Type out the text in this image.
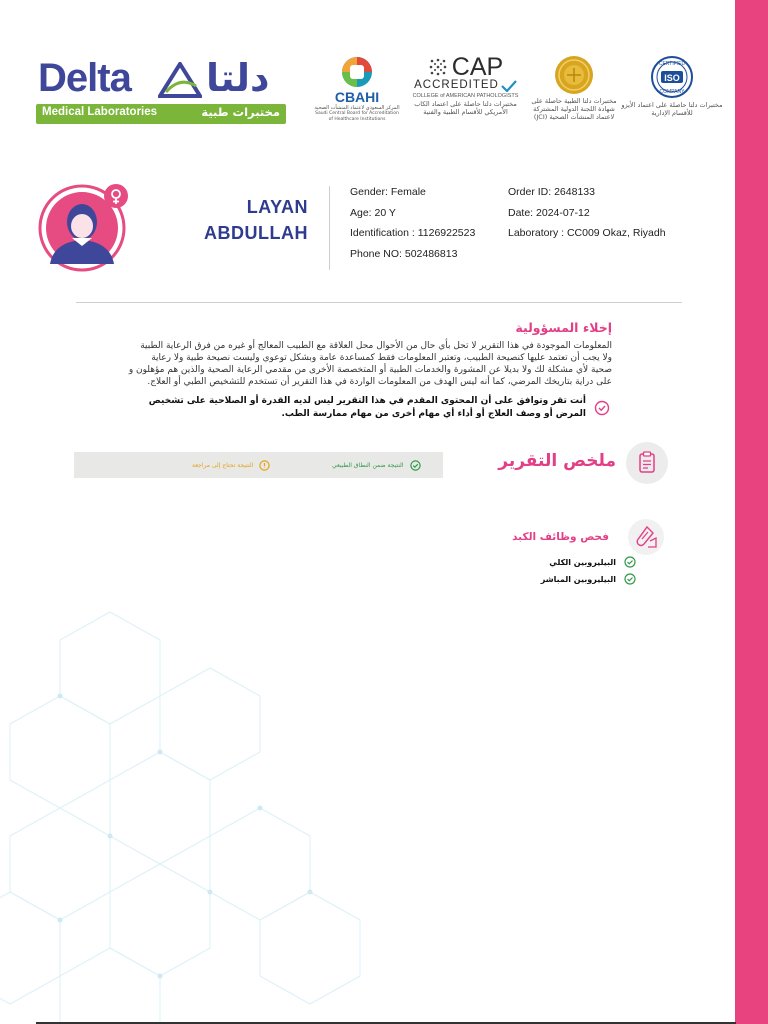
Delta دلتا
Medical Laboratories	مختبرات طبية
CBAHI
المركز السعودي لاعتماد المنشآت الصحية
Saudi Central Board for Accreditation of Healthcare Institutions
CAP
ACCREDITED
COLLEGE of AMERICAN PATHOLOGISTS
مختبرات دلتا حاصلة على اعتماد الكاب الأمريكي للأقسام الطبية والفنية
مختبرات دلتا الطبية حاصلة على شهادة اللجنة الدولية المشتركة لاعتماد المنشآت الصحية (JCI)
ISO
CERTIFIED
COMPANY
مختبرات دلتا حاصلة على اعتماد الأيزو للأقسام الإدارية
LAYAN
ABDULLAH
Gender: Female
Age: 20 Y
Identification : 1126922523
Phone NO: 502486813
Order ID: 2648133
Date: 2024-07-12
Laboratory : CC009 Okaz, Riyadh
إخلاء المسؤولية
المعلومات الموجودة في هذا التقرير لا تحل بأي حال من الأحوال محل العلاقة مع الطبيب المعالج أو غيره من فرق الرعاية الطبية ولا يجب أن تعتمد عليها كنصيحة الطبيب، وتعتبر المعلومات فقط كمساعدة عامة وبشكل توعوي وليست نصيحة طبية ولا رعاية صحية لأي مشكلة لك ولا بديلا عن المشورة والخدمات الطبية أو المتخصصة الأخرى من مقدمي الرعاية الصحية والذين هم مؤهلون و على دراية بتاريخك المرضي، كما أنه ليس الهدف من المعلومات الواردة في هذا التقرير أن تستخدم للتشخيص الطبي أو العلاج.
أنت تقر وتوافق على أن المحتوى المقدم في هذا التقرير ليس لديه القدرة أو الصلاحية على تشخيص المرض أو وصف العلاج أو أداء أي مهام أخرى من مهام ممارسة الطب.
النتيجة ضمن النطاق الطبيعي
النتيجة تحتاج إلى مراجعة	ملخص التقرير
فحص وظائف الكبد
البيليروبين الكلي
البيليروبين المباشر
